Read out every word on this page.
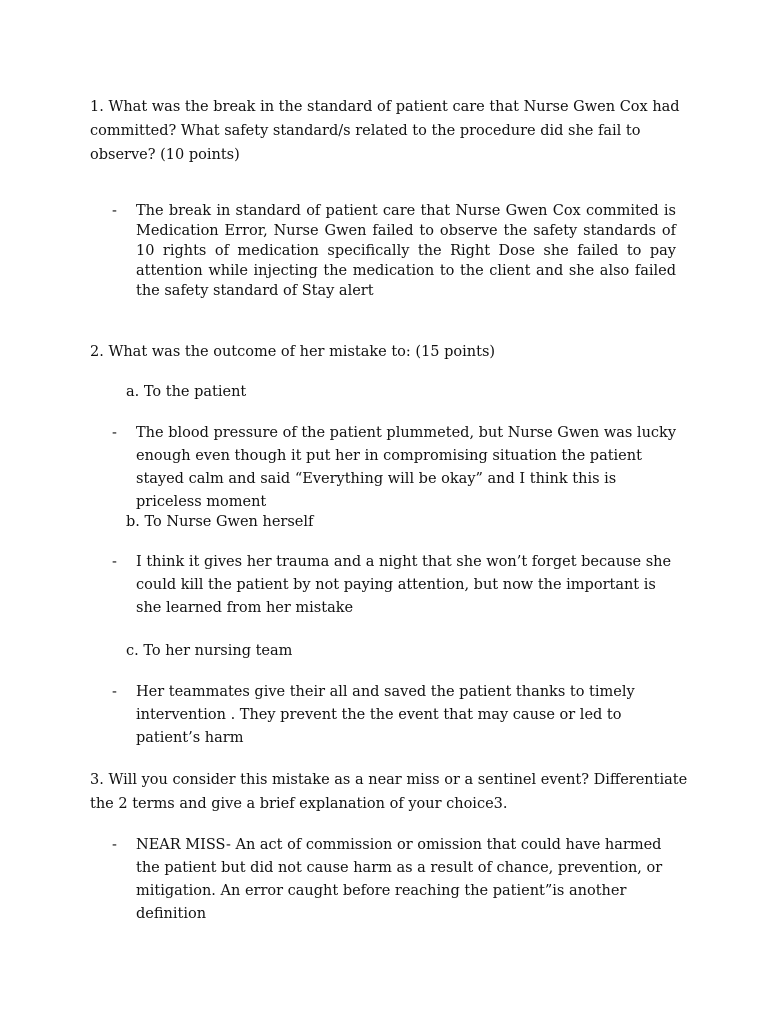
1. What was the break in the standard of patient care that Nurse Gwen Cox had committed? What safety standard/s related to the procedure did she fail to observe? (10 points)
- The break in standard of patient care that Nurse Gwen Cox commited is Medication Error, Nurse Gwen failed to observe the safety standards of 10 rights of medication specifically the Right Dose she failed to pay attention while injecting the medication to the client and she also failed the safety standard of Stay alert
2. What was the outcome of her mistake to: (15 points)
a. To the patient
- The blood pressure of the patient plummeted, but Nurse Gwen was lucky enough even though it put her in compromising situation the patient stayed calm and said “Everything will be okay” and I think this is priceless moment
b. To Nurse Gwen herself
- I think it gives her trauma and a night that she won’t forget because she could kill the patient by not paying attention, but now the important is she learned from her mistake
c. To her nursing team
- Her teammates give their all and saved the patient thanks to timely intervention . They prevent the the event that may cause or led to patient’s harm
3. Will you consider this mistake as a near miss or a sentinel event? Differentiate the 2 terms and give a brief explanation of your choice3.
- NEAR MISS- An act of commission or omission that could have harmed the patient but did not cause harm as a result of chance, prevention, or mitigation. An error caught before reaching the patient”is another definition
